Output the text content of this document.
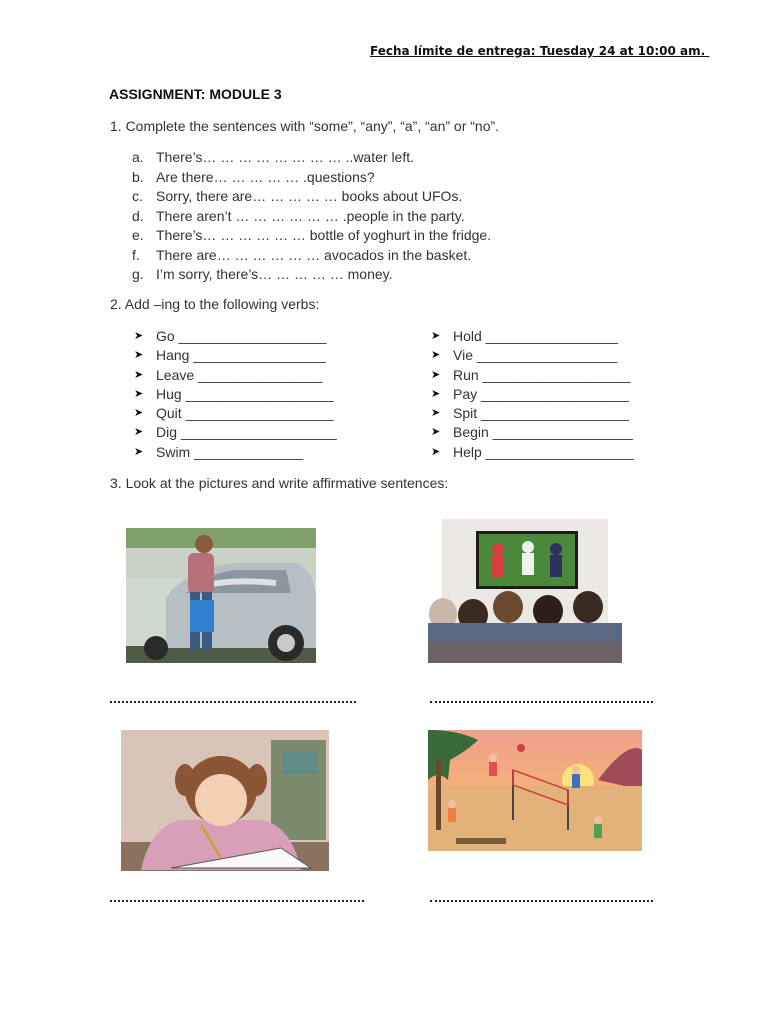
Fecha límite de entrega: Tuesday 24 at 10:00 am.
ASSIGNMENT: MODULE 3
1. Complete the sentences with “some”, “any”, “a”, “an” or “no”.
a. There’s… … … … … … … … ..water left.
b. Are there… … … … … .questions?
c. Sorry, there are… … … … … books about UFOs.
d. There aren’t … … … … … … .people in the party.
e. There’s… … … … … … bottle of yoghurt in the fridge.
f.	There are… … … … … … avocados in the basket.
g. I’m sorry, there’s… … … … … money.
2. Add –ing to the following verbs:
➤ Go ___________________
➤ Hang _________________
➤ Leave ________________
➤ Hug ___________________
➤ Quit ___________________
➤ Dig ____________________
➤ Swim ______________
➤ Hold _________________
➤ Vie __________________
➤ Run ___________________
➤ Pay ___________________
➤ Spit ___________________
➤ Begin __________________
➤ Help ___________________
3. Look at the pictures and write affirmative sentences:
